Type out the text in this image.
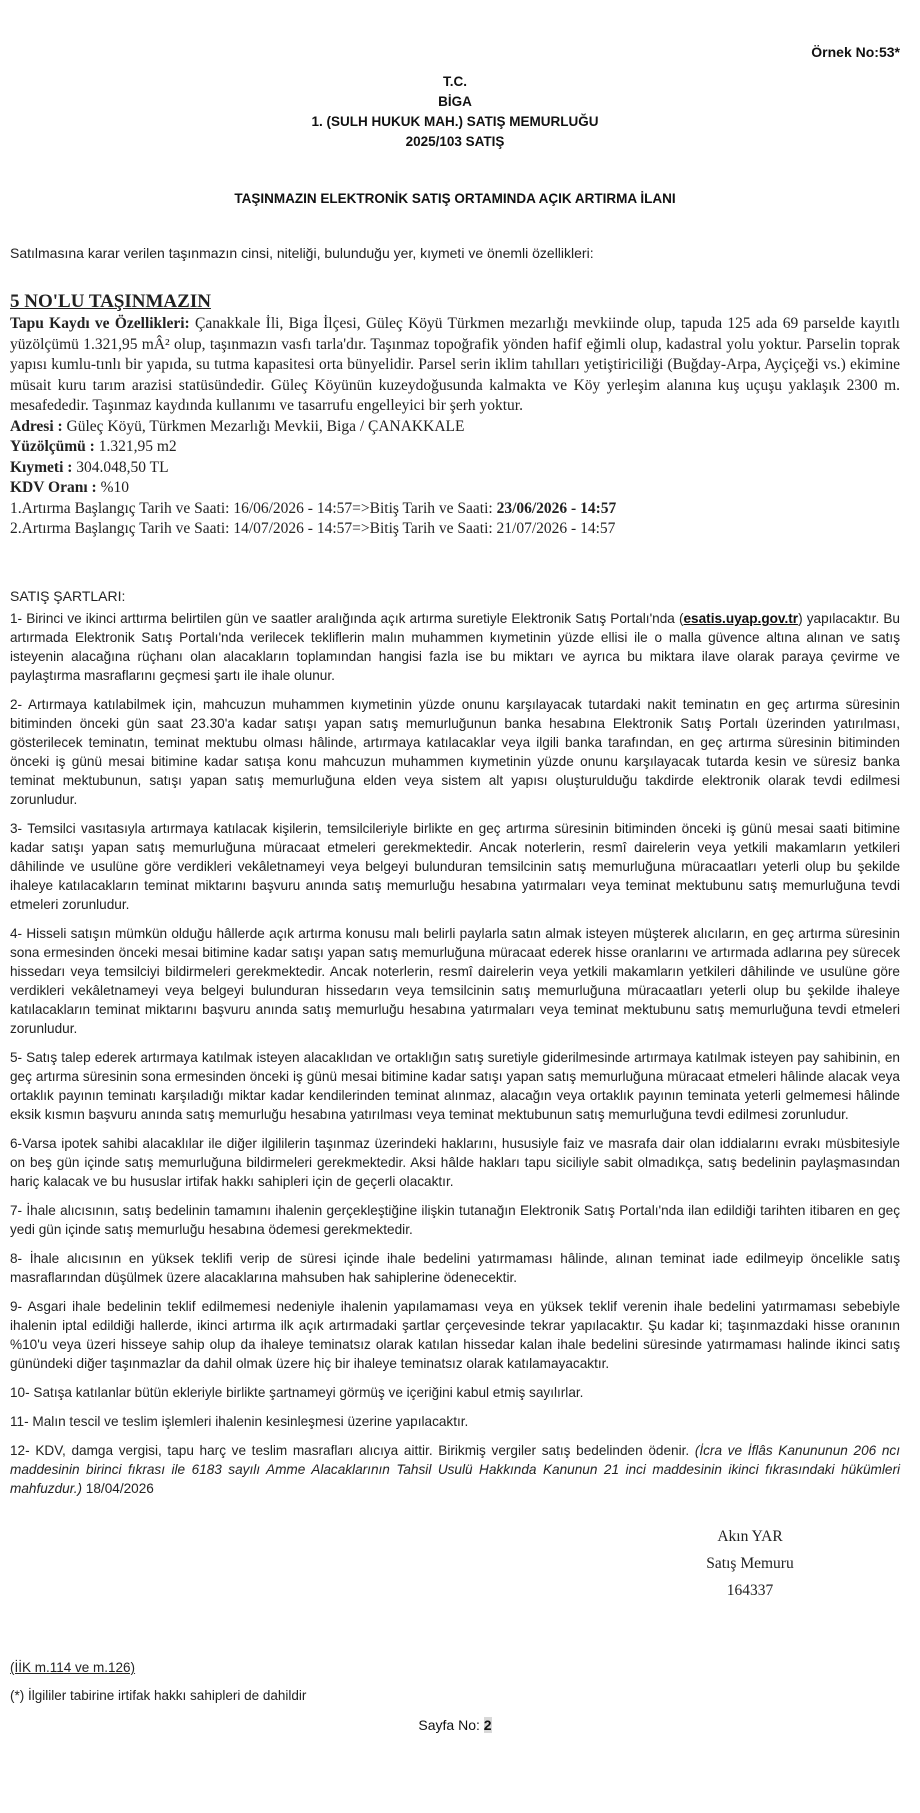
Örnek No:53*
T.C.
BİGA
1. (SULH HUKUK MAH.) SATIŞ MEMURLUĞU
2025/103 SATIŞ
TAŞINMAZIN ELEKTRONİK SATIŞ ORTAMINDA AÇIK ARTIRMA İLANI
Satılmasına karar verilen taşınmazın cinsi, niteliği, bulunduğu yer, kıymeti ve önemli özellikleri:
5 NO'LU TAŞINMAZIN

Tapu Kaydı ve Özellikleri: Çanakkale İli, Biga İlçesi, Güleç Köyü Türkmen mezarlığı mevkiinde olup, tapuda 125 ada 69 parselde kayıtlı yüzölçümü 1.321,95 mÂ² olup, taşınmazın vasfı tarla'dır. Taşınmaz topoğrafik yönden hafif eğimli olup, kadastral yolu yoktur. Parselin toprak yapısı kumlu-tınlı bir yapıda, su tutma kapasitesi orta bünyelidir. Parsel serin iklim tahılları yetiştiriciliği (Buğday-Arpa, Ayçiçeği vs.) ekimine müsait kuru tarım arazisi statüsündedir. Güleç Köyünün kuzeydoğusunda kalmakta ve Köy yerleşim alanına kuş uçuşu yaklaşık 2300 m. mesafededir. Taşınmaz kaydında kullanımı ve tasarrufu engelleyici bir şerh yoktur.

Adresi : Güleç Köyü, Türkmen Mezarlığı Mevkii, Biga / ÇANAKKALE
Yüzölçümü : 1.321,95 m2
Kıymeti : 304.048,50 TL
KDV Oranı : %10
1.Artırma Başlangıç Tarih ve Saati: 16/06/2026 - 14:57=>Bitiş Tarih ve Saati: 23/06/2026 - 14:57
2.Artırma Başlangıç Tarih ve Saati: 14/07/2026 - 14:57=>Bitiş Tarih ve Saati: 21/07/2026 - 14:57
SATIŞ ŞARTLARI:

1- Birinci ve ikinci arttırma belirtilen gün ve saatler aralığında açık artırma suretiyle Elektronik Satış Portalı'nda (esatis.uyap.gov.tr) yapılacaktır. Bu artırmada Elektronik Satış Portalı'nda verilecek tekliflerin malın muhammen kıymetinin yüzde ellisi ile o malla güvence altına alınan ve satış isteyenin alacağına rüçhanı olan alacakların toplamından hangisi fazla ise bu miktarı ve ayrıca bu miktara ilave olarak paraya çevirme ve paylaştırma masraflarını geçmesi şartı ile ihale olunur.

2- Artırmaya katılabilmek için, mahcuzun muhammen kıymetinin yüzde onunu karşılayacak tutardaki nakit teminatın en geç artırma süresinin bitiminden önceki gün saat 23.30'a kadar satışı yapan satış memurluğunun banka hesabına Elektronik Satış Portalı üzerinden yatırılması, gösterilecek teminatın, teminat mektubu olması hâlinde, artırmaya katılacaklar veya ilgili banka tarafından, en geç artırma süresinin bitiminden önceki iş günü mesai bitimine kadar satışa konu mahcuzun muhammen kıymetinin yüzde onunu karşılayacak tutarda kesin ve süresiz banka teminat mektubunun, satışı yapan satış memurluğuna elden veya sistem alt yapısı oluşturulduğu takdirde elektronik olarak tevdi edilmesi zorunludur.

3- Temsilci vasıtasıyla artırmaya katılacak kişilerin, temsilcileriyle birlikte en geç artırma süresinin bitiminden önceki iş günü mesai saati bitimine kadar satışı yapan satış memurluğuna müracaat etmeleri gerekmektedir. Ancak noterlerin, resmî dairelerin veya yetkili makamların yetkileri dâhilinde ve usulüne göre verdikleri vekâletnameyi veya belgeyi bulunduran temsilcinin satış memurluğuna müracaatları yeterli olup bu şekilde ihaleye katılacakların teminat miktarını başvuru anında satış memurluğu hesabına yatırmaları veya teminat mektubunu satış memurluğuna tevdi etmeleri zorunludur.

4- Hisseli satışın mümkün olduğu hâllerde açık artırma konusu malı belirli paylarla satın almak isteyen müşterek alıcıların, en geç artırma süresinin sona ermesinden önceki mesai bitimine kadar satışı yapan satış memurluğuna müracaat ederek hisse oranlarını ve artırmada adlarına pey sürecek hissedarı veya temsilciyi bildirmeleri gerekmektedir. Ancak noterlerin, resmî dairelerin veya yetkili makamların yetkileri dâhilinde ve usulüne göre verdikleri vekâletnameyi veya belgeyi bulunduran hissedarın veya temsilcinin satış memurluğuna müracaatları yeterli olup bu şekilde ihaleye katılacakların teminat miktarını başvuru anında satış memurluğu hesabına yatırmaları veya teminat mektubunu satış memurluğuna tevdi etmeleri zorunludur.

5- Satış talep ederek artırmaya katılmak isteyen alacaklıdan ve ortaklığın satış suretiyle giderilmesinde artırmaya katılmak isteyen pay sahibinin, en geç artırma süresinin sona ermesinden önceki iş günü mesai bitimine kadar satışı yapan satış memurluğuna müracaat etmeleri hâlinde alacak veya ortaklık payının teminatı karşıladığı miktar kadar kendilerinden teminat alınmaz, alacağın veya ortaklık payının teminata yeterli gelmemesi hâlinde eksik kısmın başvuru anında satış memurluğu hesabına yatırılması veya teminat mektubunun satış memurluğuna tevdi edilmesi zorunludur.

6-Varsa ipotek sahibi alacaklılar ile diğer ilgililerin taşınmaz üzerindeki haklarını, hususiyle faiz ve masrafa dair olan iddialarını evrakı müsbitesiyle on beş gün içinde satış memurluğuna bildirmeleri gerekmektedir. Aksi hâlde hakları tapu siciliyle sabit olmadıkça, satış bedelinin paylaşmasından hariç kalacak ve bu hususlar irtifak hakkı sahipleri için de geçerli olacaktır.

7- İhale alıcısının, satış bedelinin tamamını ihalenin gerçekleştiğine ilişkin tutanağın Elektronik Satış Portalı'nda ilan edildiği tarihten itibaren en geç yedi gün içinde satış memurluğu hesabına ödemesi gerekmektedir.

8- İhale alıcısının en yüksek teklifi verip de süresi içinde ihale bedelini yatırmaması hâlinde, alınan teminat iade edilmeyip öncelikle satış masraflarından düşülmek üzere alacaklarına mahsuben hak sahiplerine ödenecektir.

9- Asgari ihale bedelinin teklif edilmemesi nedeniyle ihalenin yapılamaması veya en yüksek teklif verenin ihale bedelini yatırmaması sebebiyle ihalenin iptal edildiği hallerde, ikinci artırma ilk açık artırmadaki şartlar çerçevesinde tekrar yapılacaktır. Şu kadar ki; taşınmazdaki hisse oranının %10'u veya üzeri hisseye sahip olup da ihaleye teminatsız olarak katılan hissedar kalan ihale bedelini süresinde yatırmaması halinde ikinci satış günündeki diğer taşınmazlar da dahil olmak üzere hiç bir ihaleye teminatsız olarak katılamayacaktır.

10- Satışa katılanlar bütün ekleriyle birlikte şartnameyi görmüş ve içeriğini kabul etmiş sayılırlar.

11- Malın tescil ve teslim işlemleri ihalenin kesinleşmesi üzerine yapılacaktır.

12- KDV, damga vergisi, tapu harç ve teslim masrafları alıcıya aittir. Birikmiş vergiler satış bedelinden ödenir. (İcra ve İflâs Kanununun 206 ncı maddesinin birinci fıkrası ile 6183 sayılı Amme Alacaklarının Tahsil Usulü Hakkında Kanunun 21 inci maddesinin ikinci fıkrasındaki hükümleri mahfuzdur.) 18/04/2026

Akın YAR
Satış Memuru
164337
(İİK m.114 ve m.126)
(*) İlgililer tabirine irtifak hakkı sahipleri de dahildir
Sayfa No: 2
